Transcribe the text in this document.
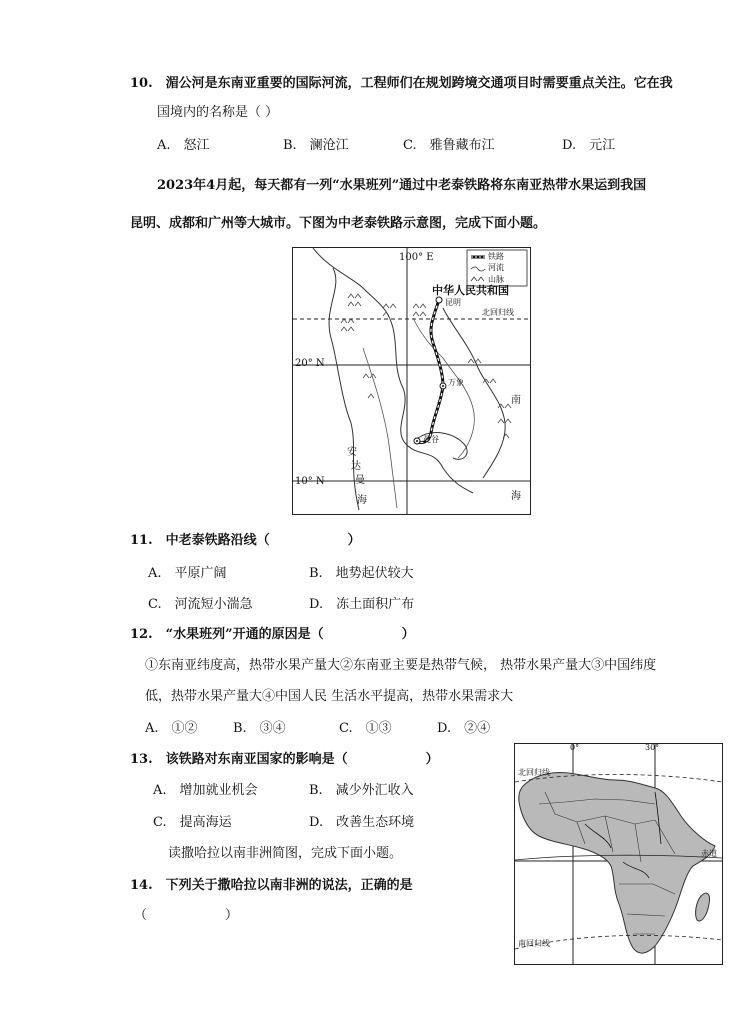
10.　湄公河是东南亚重要的国际河流，工程师们在规划跨境交通项目时需要重点关注。它在我
国境内的名称是（ ）
A.　怒江	B.　澜沧江	C.　雅鲁藏布江	D.　元江
2023年4月起，每天都有一列“水果班列”通过中老泰铁路将东南亚热带水果运到我国
昆明、成都和广州等大城市。下图为中老泰铁路示意图，完成下面小题。
铁路
河流
山脉
100° E
中华人民共和国
昆明
北回归线
20° N
万象
南
曼谷
安
达
曼
海
10° N
海
11.　中老泰铁路沿线（　　　　　　）
A.　平原广阔	B.　地势起伏较大
C.　河流短小湍急	D.　冻土面积广布
12.　“水果班列”开通的原因是（　　　　　　）
①东南亚纬度高，热带水果产量大②东南亚主要是热带气候， 热带水果产量大③中国纬度
低，热带水果产量大④中国人民 生活水平提高，热带水果需求大
A.　①②	B.　③④	C.　①③	D.　②④
13.　该铁路对东南亚国家的影响是（　　　　　　）
A.　增加就业机会	B.　减少外汇收入
C.　提高海运	D.　改善生态环境
读撒哈拉以南非洲简图，完成下面小题。
14.　下列关于撒哈拉以南非洲的说法，正确的是
（　　　　　　）
0°	30°
北回归线
赤道
南回归线
